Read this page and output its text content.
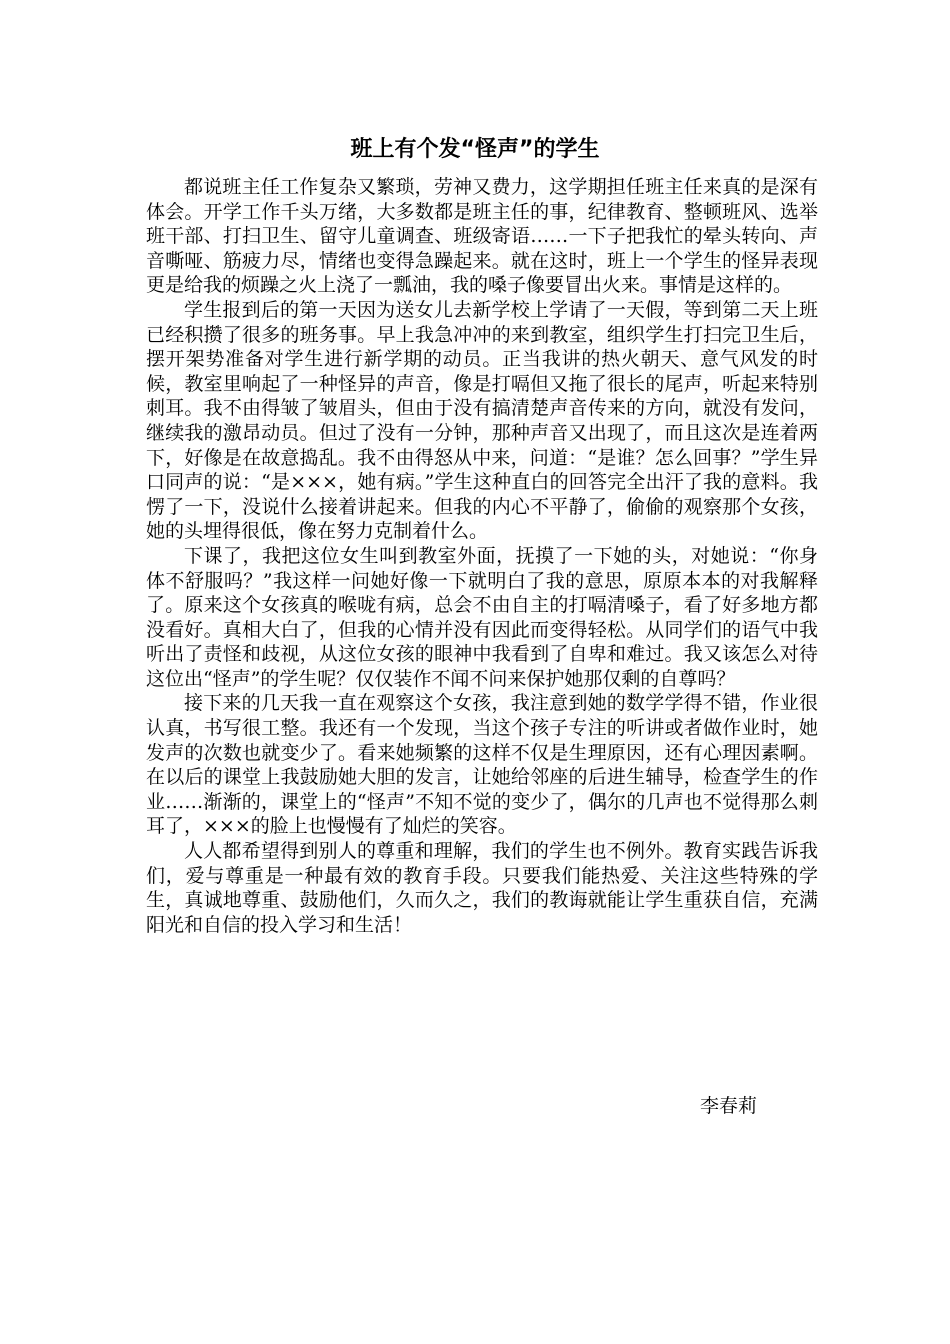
班上有个发“怪声”的学生

都说班主任工作复杂又繁琐，劳神又费力，这学期担任班主任来真的是深有体会。开学工作千头万绪，大多数都是班主任的事，纪律教育、整顿班风、选举班干部、打扫卫生、留守儿童调查、班级寄语……一下子把我忙的晕头转向、声音嘶哑、筋疲力尽，情绪也变得急躁起来。就在这时，班上一个学生的怪异表现更是给我的烦躁之火上浇了一瓢油，我的嗓子像要冒出火来。事情是这样的。

学生报到后的第一天因为送女儿去新学校上学请了一天假，等到第二天上班已经积攒了很多的班务事。早上我急冲冲的来到教室，组织学生打扫完卫生后，摆开架势准备对学生进行新学期的动员。正当我讲的热火朝天、意气风发的时候，教室里响起了一种怪异的声音，像是打嗝但又拖了很长的尾声，听起来特别刺耳。我不由得皱了皱眉头，但由于没有搞清楚声音传来的方向，就没有发问，继续我的激昂动员。但过了没有一分钟，那种声音又出现了，而且这次是连着两下，好像是在故意捣乱。我不由得怒从中来，问道：“是谁？怎么回事？”学生异口同声的说：“是×××，她有病。”学生这种直白的回答完全出汗了我的意料。我愣了一下，没说什么接着讲起来。但我的内心不平静了，偷偷的观察那个女孩，她的头埋得很低，像在努力克制着什么。

下课了，我把这位女生叫到教室外面，抚摸了一下她的头，对她说：“你身体不舒服吗？”我这样一问她好像一下就明白了我的意思，原原本本的对我解释了。原来这个女孩真的喉咙有病，总会不由自主的打嗝清嗓子，看了好多地方都没看好。真相大白了，但我的心情并没有因此而变得轻松。从同学们的语气中我听出了责怪和歧视，从这位女孩的眼神中我看到了自卑和难过。我又该怎么对待这位出“怪声”的学生呢？仅仅装作不闻不问来保护她那仅剩的自尊吗？

接下来的几天我一直在观察这个女孩，我注意到她的数学学得不错，作业很认真，书写很工整。我还有一个发现，当这个孩子专注的听讲或者做作业时，她发声的次数也就变少了。看来她频繁的这样不仅是生理原因，还有心理因素啊。在以后的课堂上我鼓励她大胆的发言，让她给邻座的后进生辅导，检查学生的作业……渐渐的，课堂上的“怪声”不知不觉的变少了，偶尔的几声也不觉得那么刺耳了，×××的脸上也慢慢有了灿烂的笑容。

人人都希望得到别人的尊重和理解，我们的学生也不例外。教育实践告诉我们，爱与尊重是一种最有效的教育手段。只要我们能热爱、关注这些特殊的学生，真诚地尊重、鼓励他们，久而久之，我们的教诲就能让学生重获自信，充满阳光和自信的投入学习和生活！

李春莉
